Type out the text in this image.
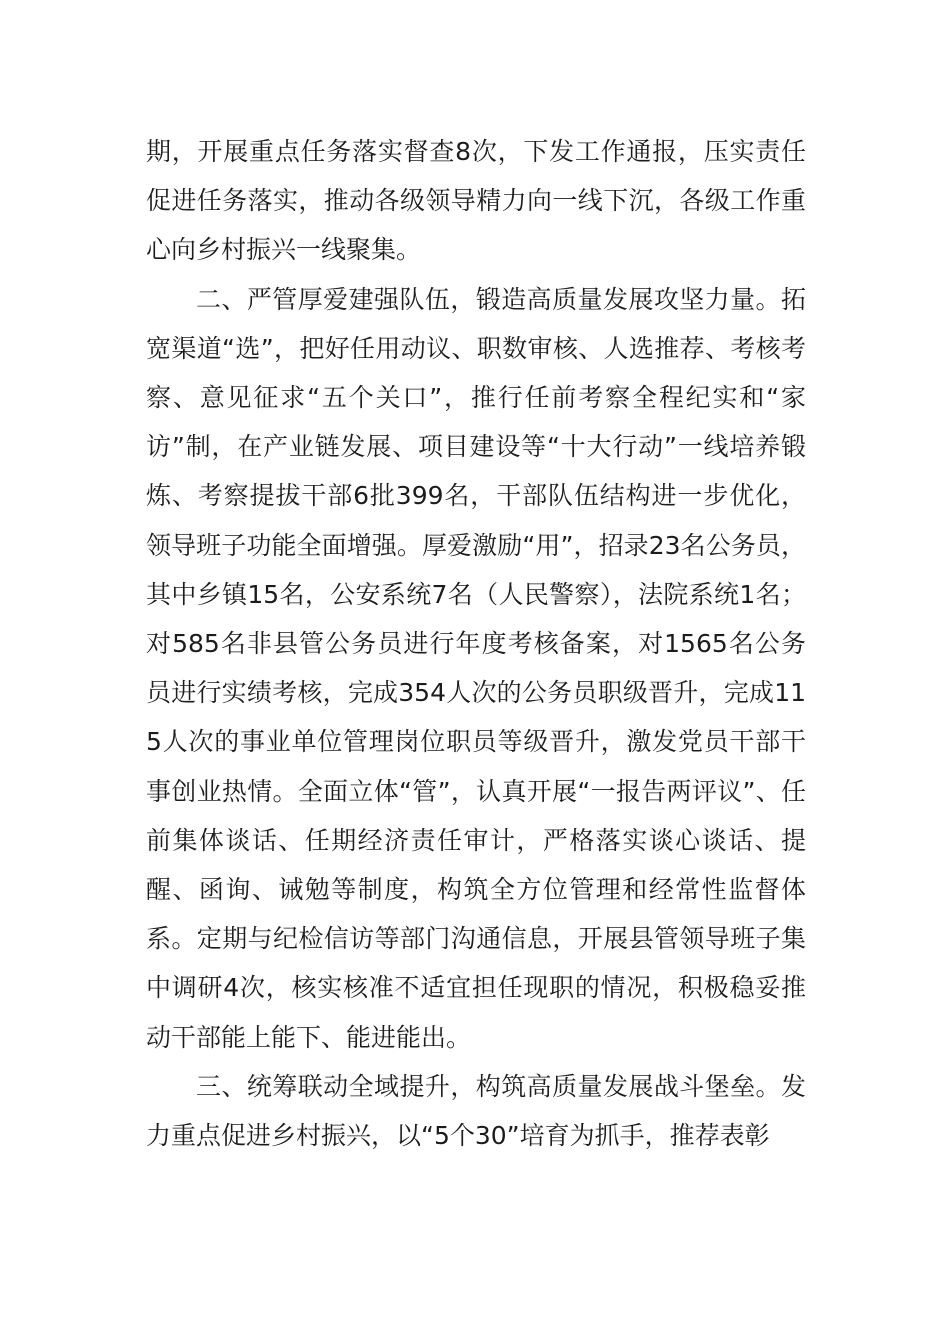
期，开展重点任务落实督查8次，下发工作通报，压实责任促进任务落实，推动各级领导精力向一线下沉，各级工作重心向乡村振兴一线聚集。

二、严管厚爱建强队伍，锻造高质量发展攻坚力量。拓宽渠道“选”，把好任用动议、职数审核、人选推荐、考核考察、意见征求“五个关口”，推行任前考察全程纪实和“家访”制，在产业链发展、项目建设等“十大行动”一线培养锻炼、考察提拔干部6批399名，干部队伍结构进一步优化，领导班子功能全面增强。厚爱激励“用”，招录23名公务员，其中乡镇15名，公安系统7名（人民警察），法院系统1名；对585名非县管公务员进行年度考核备案，对1565名公务员进行实绩考核，完成354人次的公务员职级晋升，完成115人次的事业单位管理岗位职员等级晋升，激发党员干部干事创业热情。全面立体“管”，认真开展“一报告两评议”、任前集体谈话、任期经济责任审计，严格落实谈心谈话、提醒、函询、诫勉等制度，构筑全方位管理和经常性监督体系。定期与纪检信访等部门沟通信息，开展县管领导班子集中调研4次，核实核准不适宜担任现职的情况，积极稳妥推动干部能上能下、能进能出。

三、统筹联动全域提升，构筑高质量发展战斗堡垒。发力重点促进乡村振兴，以“5个30”培育为抓手，推荐表彰
